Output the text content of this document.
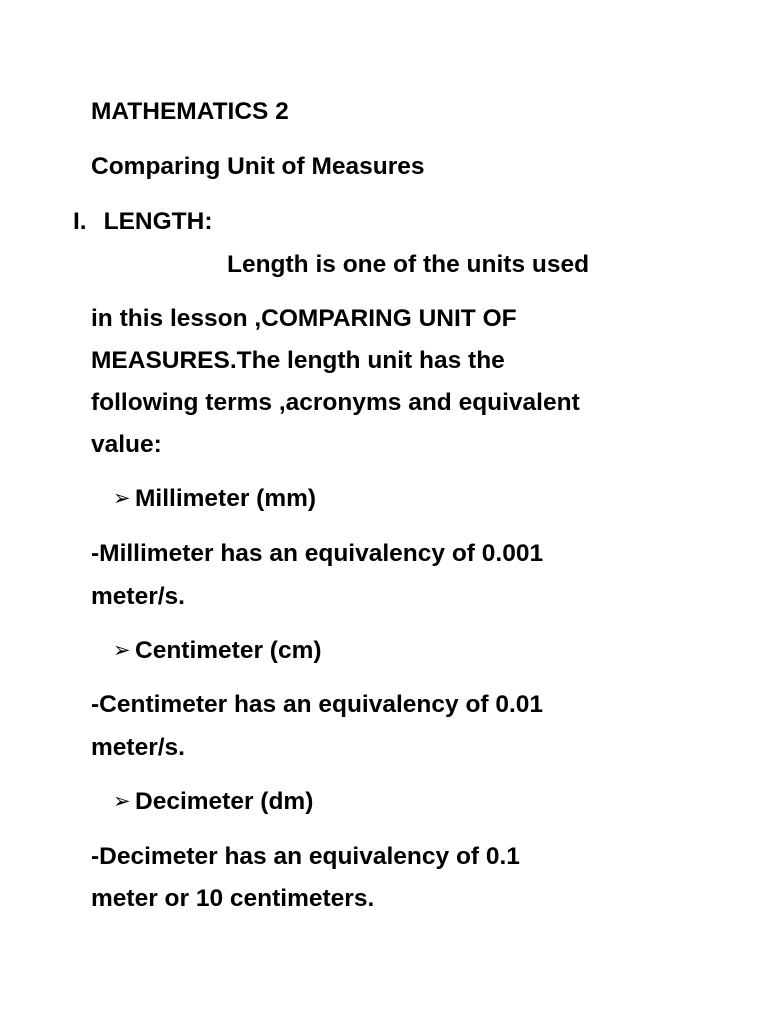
MATHEMATICS 2
Comparing Unit of Measures
I. LENGTH:
Length is one of the units used
in this lesson ,COMPARING UNIT OF
MEASURES.The length unit has the
following terms ,acronyms and equivalent
value:
➢ Millimeter (mm)
-Millimeter has an equivalency of 0.001
meter/s.
➢ Centimeter (cm)
-Centimeter has an equivalency of 0.01
meter/s.
➢ Decimeter (dm)
-Decimeter has an equivalency of 0.1
meter or 10 centimeters.
